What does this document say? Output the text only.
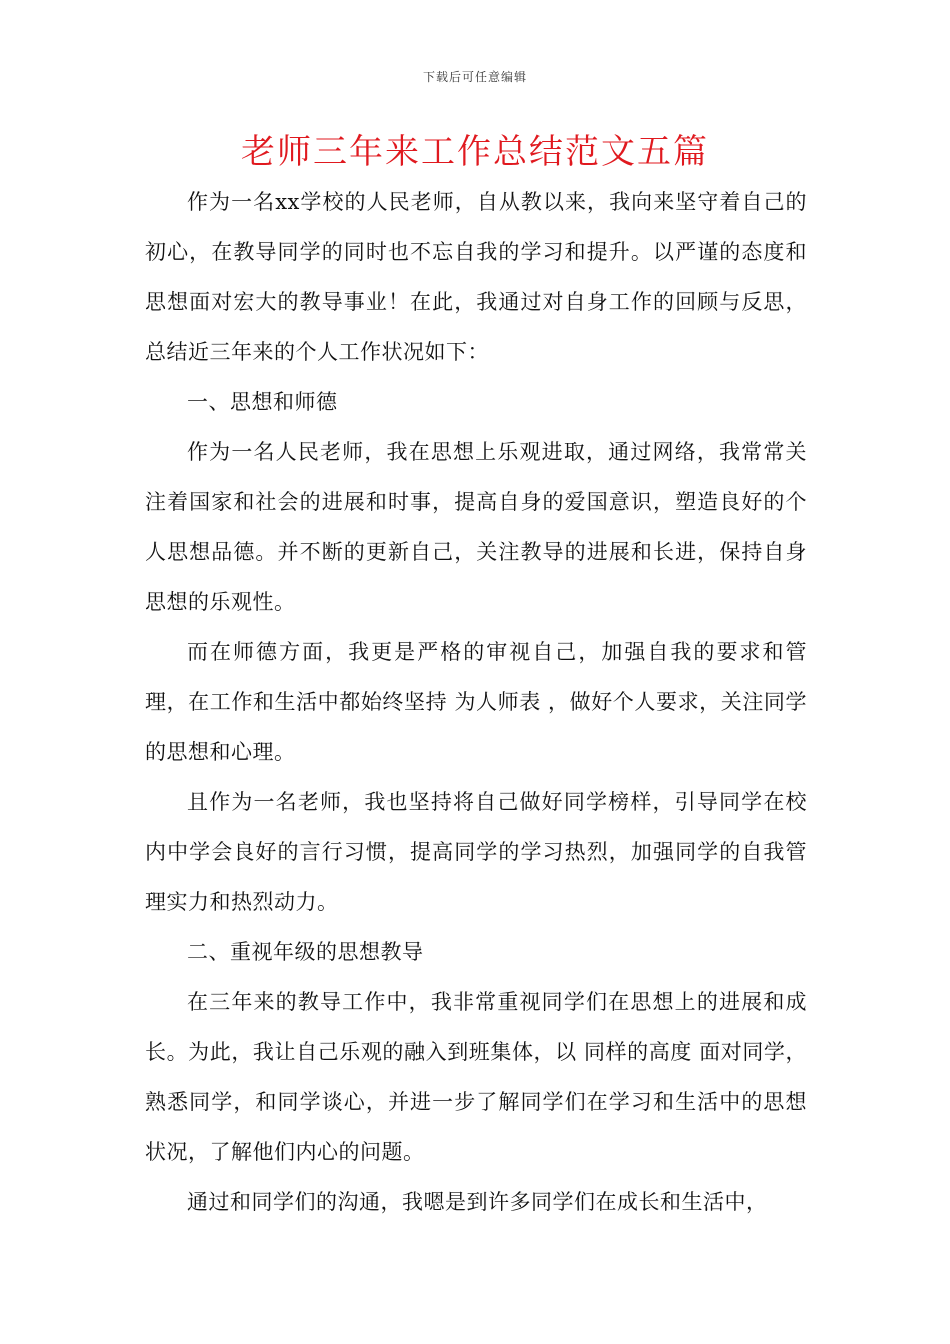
下载后可任意编辑
老师三年来工作总结范文五篇

作为一名xx学校的人民老师，自从教以来，我向来坚守着自己的初心，在教导同学的同时也不忘自我的学习和提升。以严谨的态度和思想面对宏大的教导事业！在此，我通过对自身工作的回顾与反思，总结近三年来的个人工作状况如下：

一、思想和师德

作为一名人民老师，我在思想上乐观进取，通过网络，我常常关注着国家和社会的进展和时事，提高自身的爱国意识，塑造良好的个人思想品德。并不断的更新自己，关注教导的进展和长进，保持自身思想的乐观性。

而在师德方面，我更是严格的审视自己，加强自我的要求和管理，在工作和生活中都始终坚持 为人师表 ，做好个人要求，关注同学的思想和心理。

且作为一名老师，我也坚持将自己做好同学榜样，引导同学在校内中学会良好的言行习惯，提高同学的学习热烈，加强同学的自我管理实力和热烈动力。

二、重视年级的思想教导

在三年来的教导工作中，我非常重视同学们在思想上的进展和成长。为此，我让自己乐观的融入到班集体，以 同样的高度 面对同学，熟悉同学，和同学谈心，并进一步了解同学们在学习和生活中的思想状况，了解他们内心的问题。

通过和同学们的沟通，我嗯是到许多同学们在成长和生活中，
